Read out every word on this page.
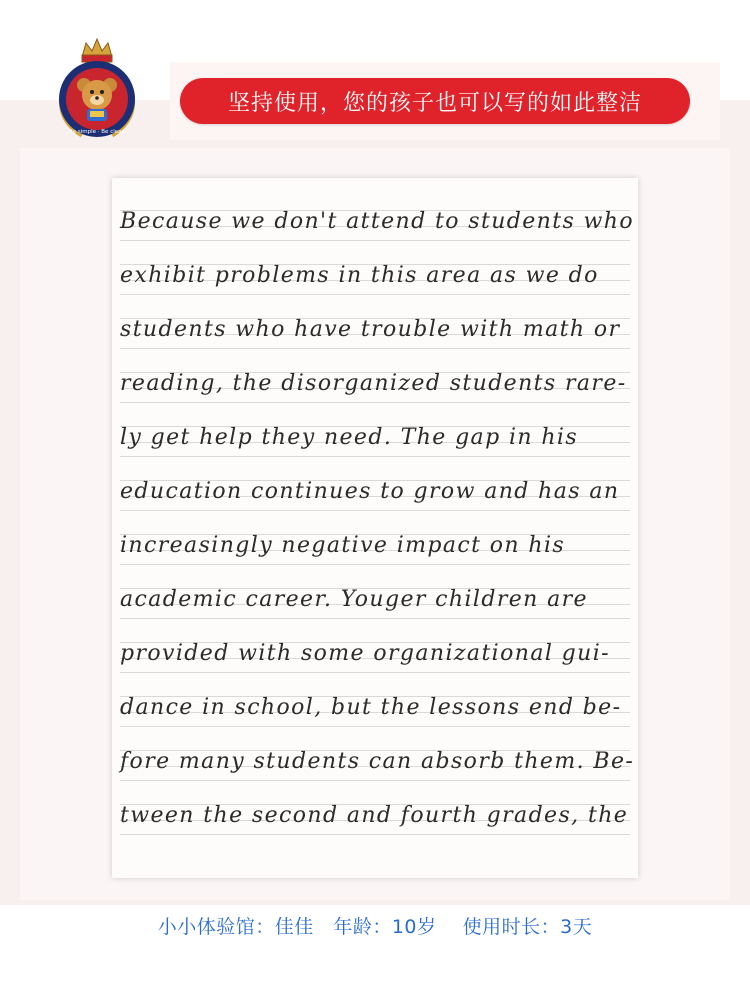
Be simple · Be clean
坚持使用，您的孩子也可以写的如此整洁
Because we don't attend to students who
exhibit problems in this area as we do
students who have trouble with math or
reading, the disorganized students rare-
ly get help they need. The gap in his
education continues to grow and has an
increasingly negative impact on his
academic career. Youger children are
provided with some organizational gui-
dance in school, but the lessons end be-
fore many students can absorb them. Be-
tween the second and fourth grades, the
小小体验馆：佳佳   年龄：10岁    使用时长：3天
